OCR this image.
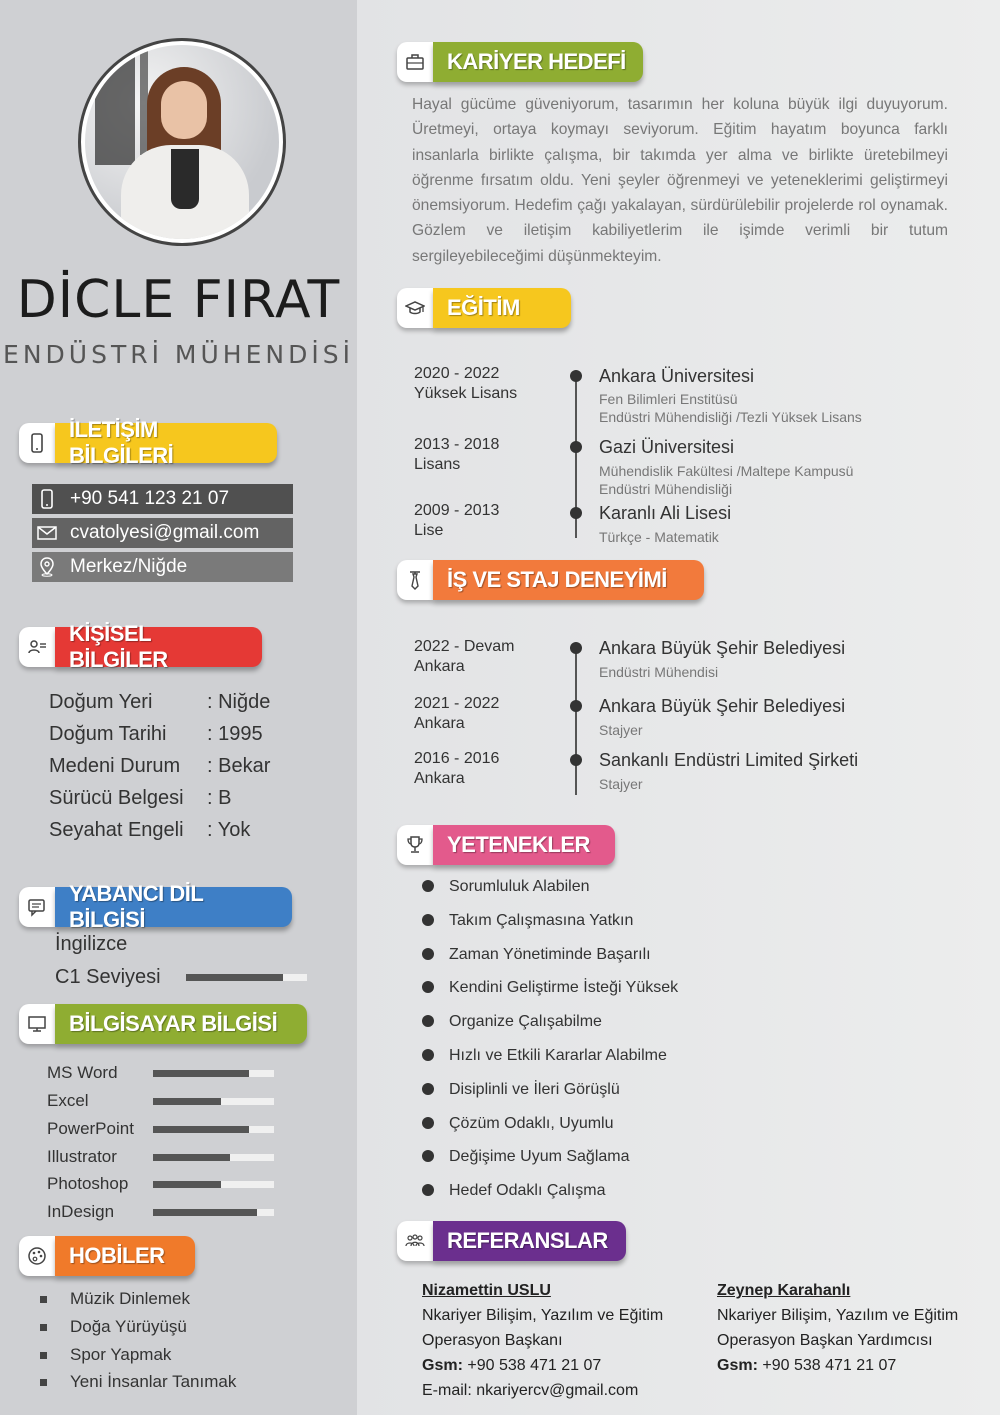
DİCLE FIRAT
ENDÜSTRİ MÜHENDİSİ
İLETİŞİM BİLGİLERİ
+90 541 123 21 07
cvatolyesi@gmail.com
Merkez/Niğde
KİŞİSEL BİLGİLER
Doğum Yeri	: Niğde
Doğum Tarihi : 1995
Medeni Durum : Bekar
Sürücü Belgesi : B
Seyahat Engeli : Yok
YABANCI DİL BİLGİSİ
İngilizce
C1 Seviyesi
BİLGİSAYAR BİLGİSİ
MS Word
Excel
PowerPoint
Illustrator
Photoshop
InDesign
HOBİLER
Müzik Dinlemek
Doğa Yürüyüşü
Spor Yapmak
Yeni İnsanlar Tanımak
KARİYER HEDEFİ
Hayal gücüme güveniyorum, tasarımın her koluna büyük ilgi duyuyorum. Üretmeyi, ortaya koymayı seviyorum. Eğitim hayatım boyunca farklı insanlarla birlikte çalışma, bir takımda yer alma ve birlikte üretebilmeyi öğrenme fırsatım oldu. Yeni şeyler öğrenmeyi ve yeteneklerimi geliştirmeyi önemsiyorum. Hedefim çağı yakalayan, sürdürülebilir projelerde rol oynamak. Gözlem ve iletişim kabiliyetlerim ile işimde verimli bir tutum sergileyebileceğimi düşünmekteyim.
EĞİTİM
2020 - 2022
Yüksek Lisans
Ankara Üniversitesi
Fen Bilimleri Enstitüsü
Endüstri Mühendisliği /Tezli Yüksek Lisans
2013 - 2018
Lisans
Gazi Üniversitesi
Mühendislik Fakültesi /Maltepe Kampusü
Endüstri Mühendisliği
2009 - 2013
Lise
Karanlı Ali Lisesi
Türkçe - Matematik
İŞ VE STAJ DENEYİMİ
2022 - Devam
Ankara
Ankara Büyük Şehir Belediyesi
Endüstri Mühendisi
2021 - 2022
Ankara
Ankara Büyük Şehir Belediyesi
Stajyer
2016 - 2016
Ankara
Sankanlı Endüstri Limited Şirketi
Stajyer
YETENEKLER
Sorumluluk Alabilen
Takım Çalışmasına Yatkın
Zaman Yönetiminde Başarılı
Kendini Geliştirme İsteği Yüksek
Organize Çalışabilme
Hızlı ve Etkili Kararlar Alabilme
Disiplinli ve İleri Görüşlü
Çözüm Odaklı, Uyumlu
Değişime Uyum Sağlama
Hedef Odaklı Çalışma
REFERANSLAR
Nizamettin USLU
Nkariyer Bilişim, Yazılım ve Eğitim
Operasyon Başkanı
Gsm: +90 538 471 21 07
E-mail: nkariyercv@gmail.com
Zeynep Karahanlı
Nkariyer Bilişim, Yazılım ve Eğitim
Operasyon Başkan Yardımcısı
Gsm: +90 538 471 21 07
